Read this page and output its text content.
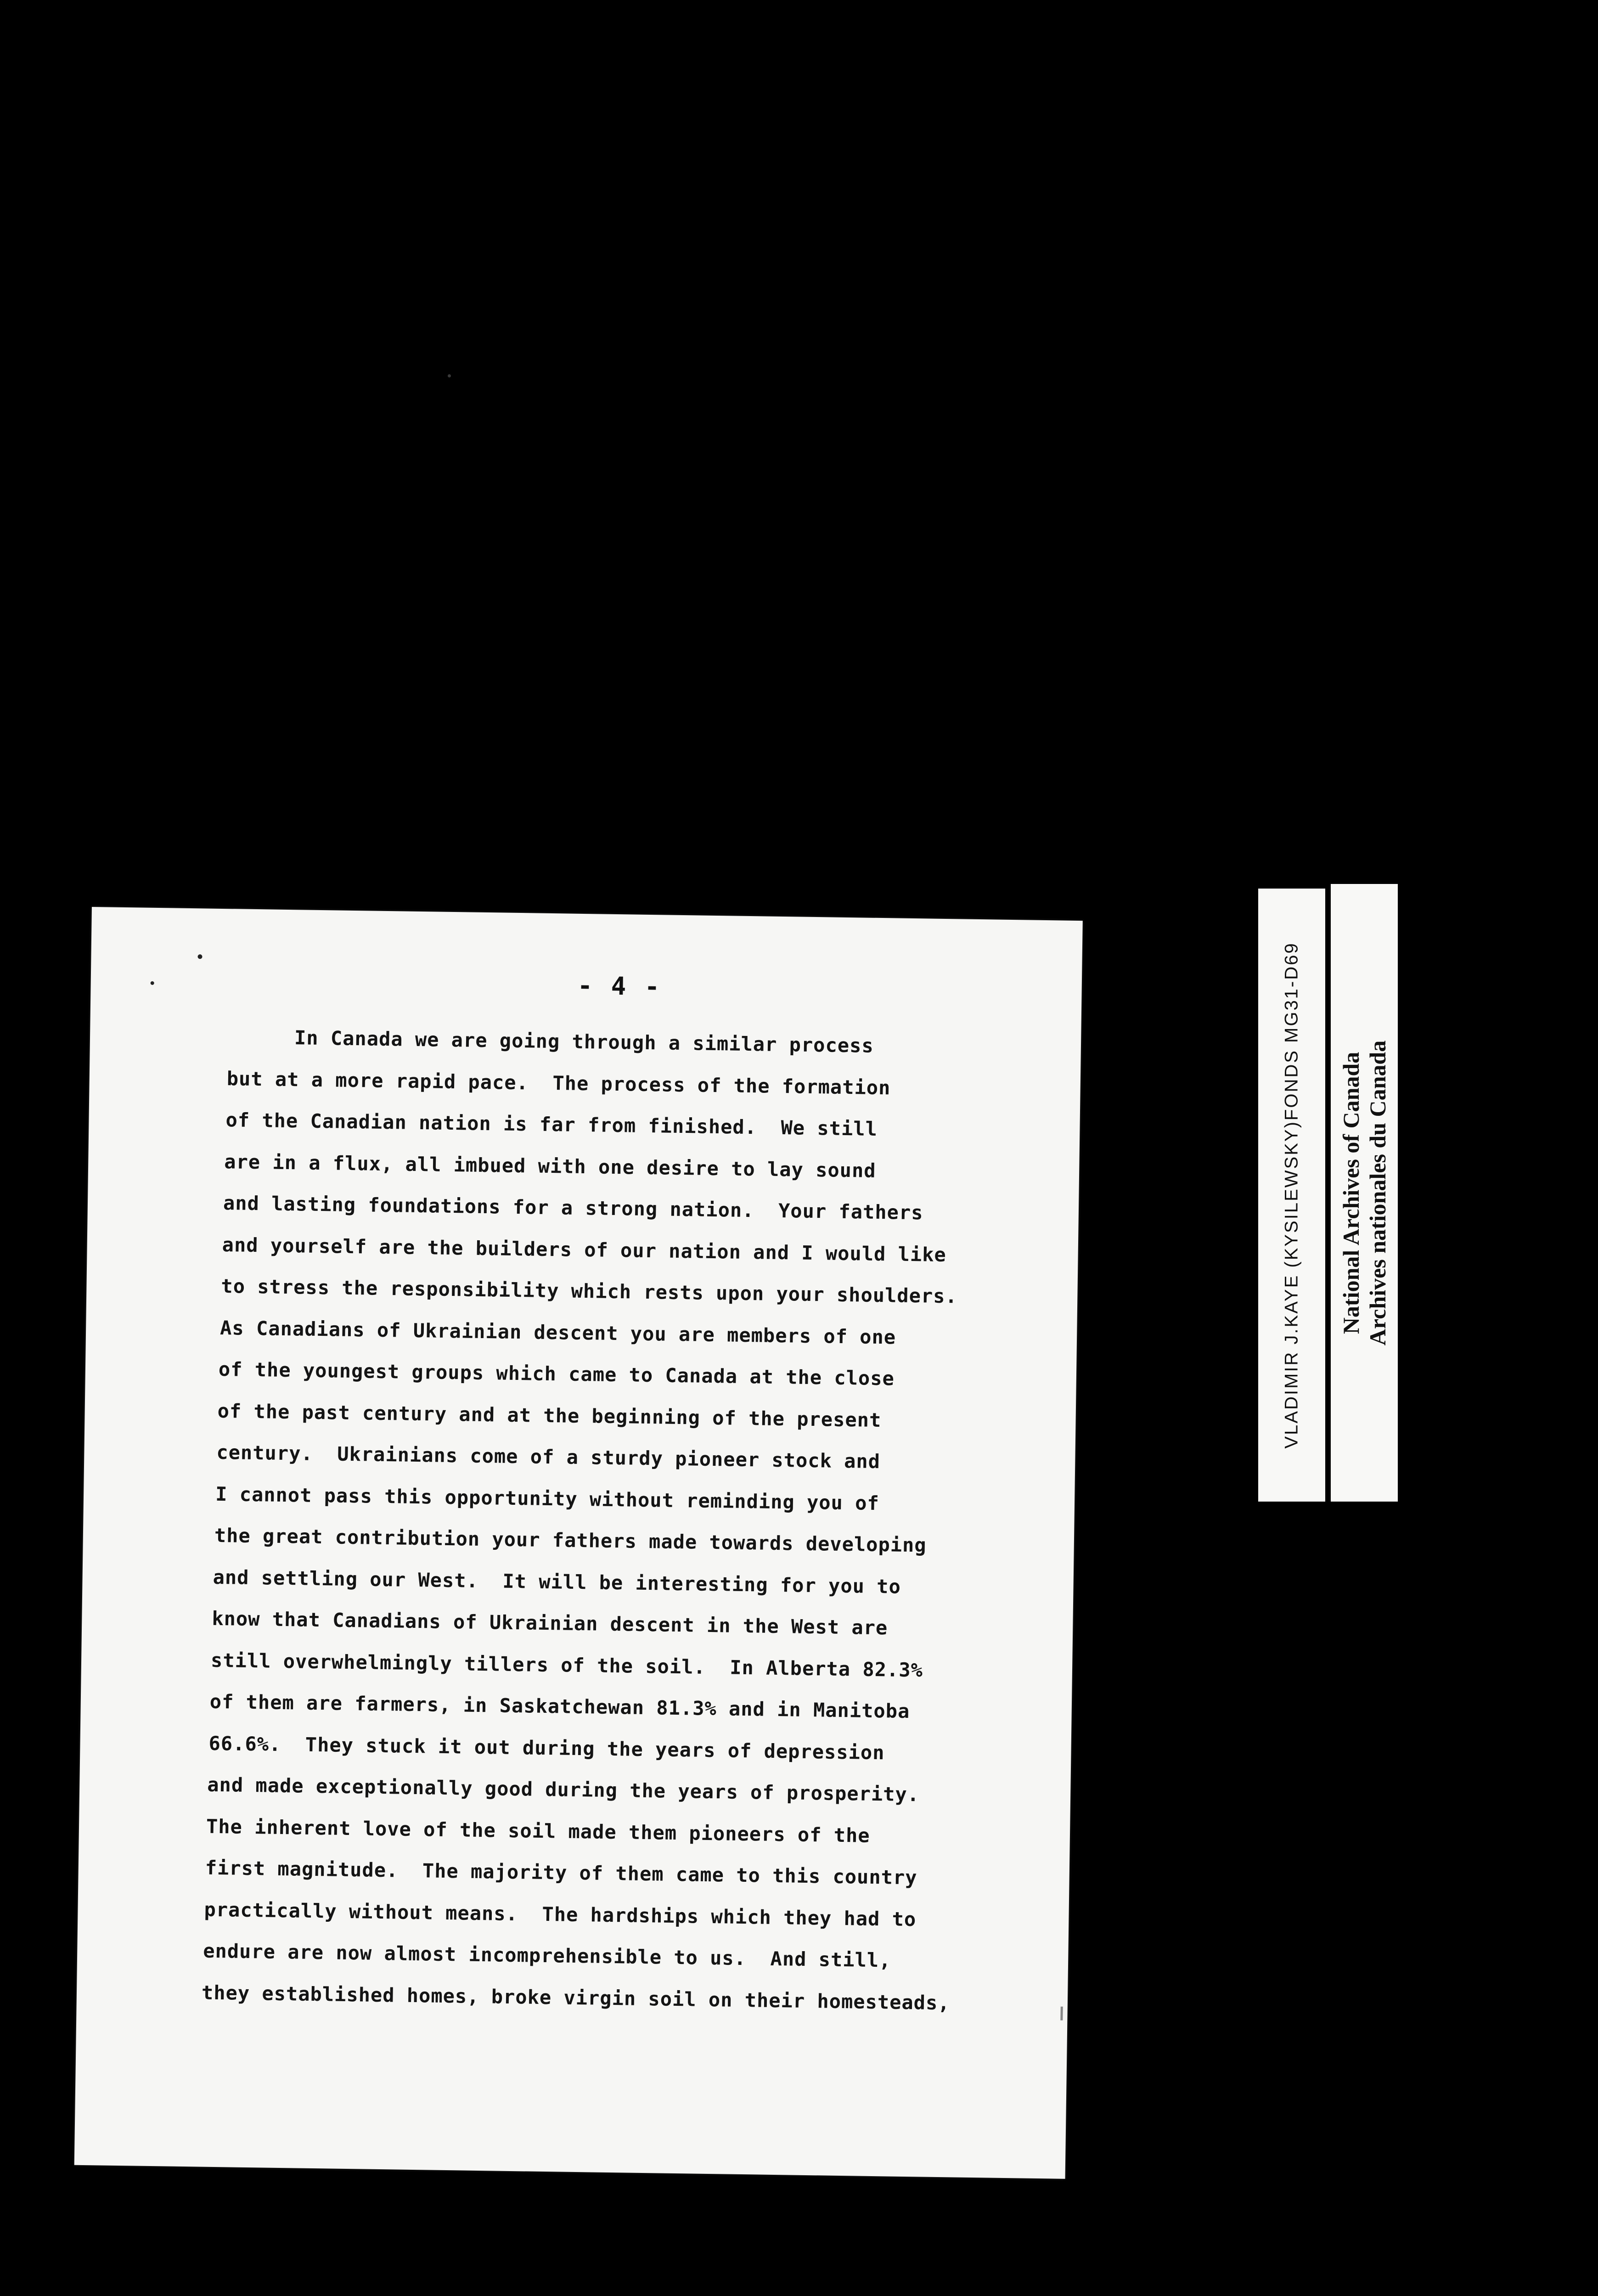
- 4 -
In Canada we are going through a similar process
but at a more rapid pace.  The process of the formation
of the Canadian nation is far from finished.  We still
are in a flux, all imbued with one desire to lay sound
and lasting foundations for a strong nation.  Your fathers
and yourself are the builders of our nation and I would like
to stress the responsibility which rests upon your shoulders.
As Canadians of Ukrainian descent you are members of one
of the youngest groups which came to Canada at the close
of the past century and at the beginning of the present
century.  Ukrainians come of a sturdy pioneer stock and
I cannot pass this opportunity without reminding you of
the great contribution your fathers made towards developing
and settling our West.  It will be interesting for you to
know that Canadians of Ukrainian descent in the West are
still overwhelmingly tillers of the soil.  In Alberta 82.3%
of them are farmers, in Saskatchewan 81.3% and in Manitoba
66.6%.  They stuck it out during the years of depression
and made exceptionally good during the years of prosperity.
The inherent love of the soil made them pioneers of the
first magnitude.  The majority of them came to this country
practically without means.  The hardships which they had to
endure are now almost incomprehensible to us.  And still,
they established homes, broke virgin soil on their homesteads,
VLADIMIR J.KAYE (KYSILEWSKY)FONDS MG31-D69 National Archives of Canada Archives nationales du Canada
